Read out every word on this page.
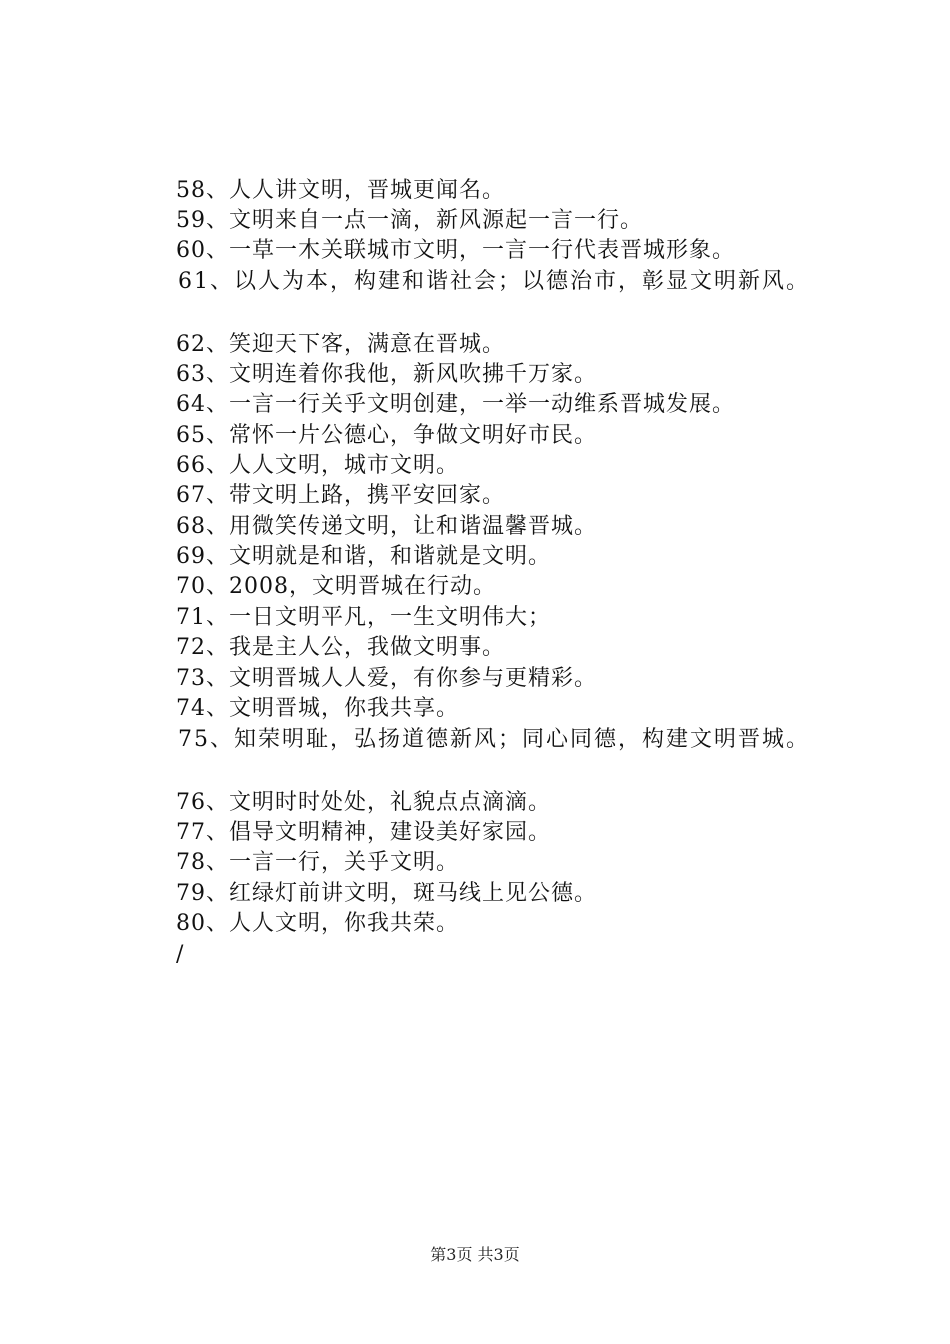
58、人人讲文明，晋城更闻名。
59、文明来自一点一滴，新风源起一言一行。
60、一草一木关联城市文明，一言一行代表晋城形象。
61、以人为本，构建和谐社会；以德治市，彰显文明新风。
62、笑迎天下客，满意在晋城。
63、文明连着你我他，新风吹拂千万家。
64、一言一行关乎文明创建，一举一动维系晋城发展。
65、常怀一片公德心，争做文明好市民。
66、人人文明，城市文明。
67、带文明上路，携平安回家。
68、用微笑传递文明，让和谐温馨晋城。
69、文明就是和谐，和谐就是文明。
70、2008，文明晋城在行动。
71、一日文明平凡，一生文明伟大；
72、我是主人公，我做文明事。
73、文明晋城人人爱，有你参与更精彩。
74、文明晋城，你我共享。
75、知荣明耻，弘扬道德新风；同心同德，构建文明晋城。
76、文明时时处处，礼貌点点滴滴。
77、倡导文明精神，建设美好家园。
78、一言一行，关乎文明。
79、红绿灯前讲文明，斑马线上见公德。
80、人人文明，你我共荣。
/
第3页 共3页
